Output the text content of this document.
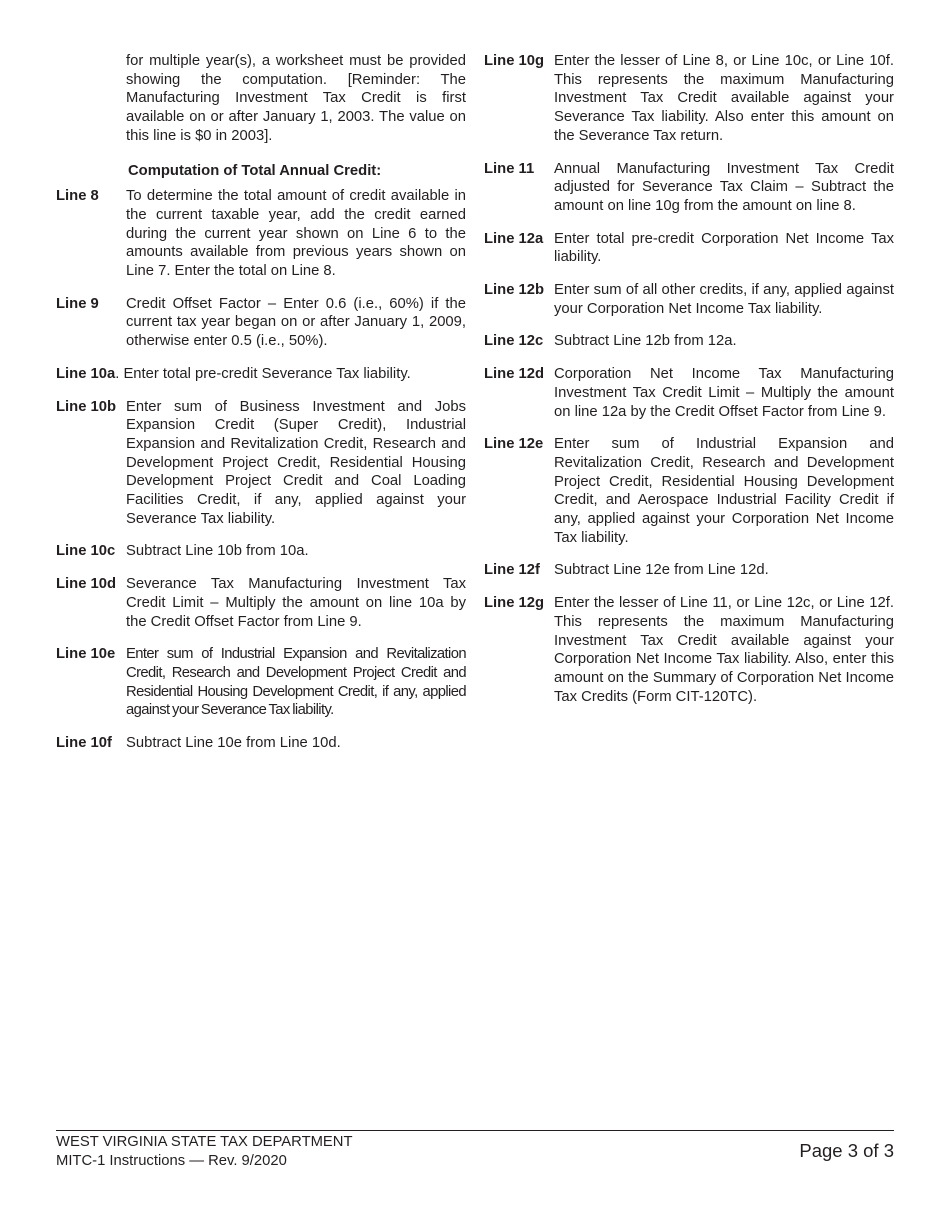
for multiple year(s), a worksheet must be provided showing the computation. [Reminder: The Manufacturing Investment Tax Credit is first available on or after January 1, 2003. The value on this line is $0 in 2003].
Computation of Total Annual Credit:
Line 8	To determine the total amount of credit available in the current taxable year, add the credit earned during the current year shown on Line 6 to the amounts available from previous years shown on Line 7. Enter the total on Line 8.
Line 9	Credit Offset Factor – Enter 0.6 (i.e., 60%) if the current tax year began on or after January 1, 2009, otherwise enter 0.5 (i.e., 50%).
Line 10a. Enter total pre-credit Severance Tax liability.
Line 10b Enter sum of Business Investment and Jobs Expansion Credit (Super Credit), Industrial Expansion and Revitalization Credit, Research and Development Project Credit, Residential Housing Development Project Credit and Coal Loading Facilities Credit, if any, applied against your Severance Tax liability.
Line 10c Subtract Line 10b from 10a.
Line 10d Severance Tax Manufacturing Investment Tax Credit Limit – Multiply the amount on line 10a by the Credit Offset Factor from Line 9.
Line 10e Enter sum of Industrial Expansion and Revitalization Credit, Research and Development Project Credit and Residential Housing Development Credit, if any, applied against your Severance Tax liability.
Line 10f Subtract Line 10e from Line 10d.
Line 10g Enter the lesser of Line 8, or Line 10c, or Line 10f. This represents the maximum Manufacturing Investment Tax Credit available against your Severance Tax liability. Also enter this amount on the Severance Tax return.
Line 11	Annual Manufacturing Investment Tax Credit adjusted for Severance Tax Claim – Subtract the amount on line 10g from the amount on line 8.
Line 12a Enter total pre-credit Corporation Net Income Tax liability.
Line 12b Enter sum of all other credits, if any, applied against your Corporation Net Income Tax liability.
Line 12c Subtract Line 12b from 12a.
Line 12d Corporation Net Income Tax Manufacturing Investment Tax Credit Limit – Multiply the amount on line 12a by the Credit Offset Factor from Line 9.
Line 12e Enter sum of Industrial Expansion and Revitalization Credit, Research and Development Project Credit, Residential Housing Development Credit, and Aerospace Industrial Facility Credit if any, applied against your Corporation Net Income Tax liability.
Line 12f Subtract Line 12e from Line 12d.
Line 12g Enter the lesser of Line 11, or Line 12c, or Line 12f. This represents the maximum Manufacturing Investment Tax Credit available against your Corporation Net Income Tax liability. Also, enter this amount on the Summary of Corporation Net Income Tax Credits (Form CIT-120TC).
WEST VIRGINIA STATE TAX DEPARTMENT
MITC-1 Instructions — Rev. 9/2020	Page 3 of 3
